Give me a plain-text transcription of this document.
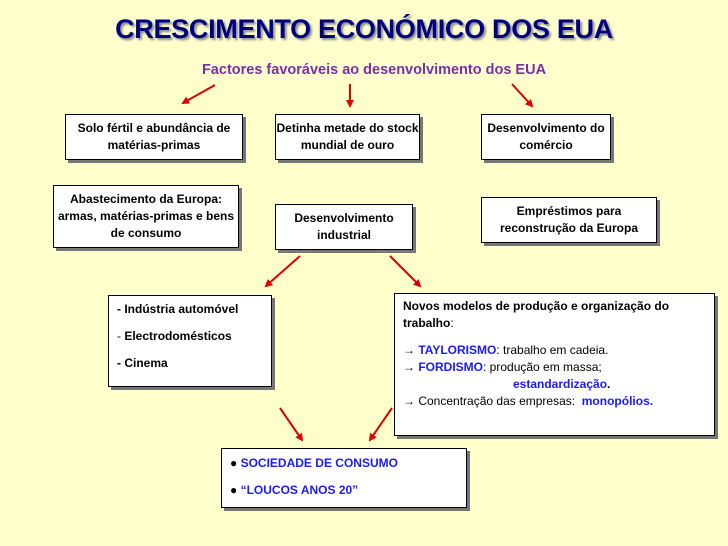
CRESCIMENTO ECONÓMICO DOS EUA
Factores favoráveis ao desenvolvimento dos EUA
Solo fértil e abundância de matérias-primas
Detinha metade do stock mundial de ouro
Desenvolvimento do comércio
Abastecimento da Europa: armas, matérias-primas e bens de consumo
Desenvolvimento industrial
Empréstimos para reconstrução da Europa
- Indústria automóvel
- Electrodomésticos
- Cinema
Novos modelos de produção e organização do trabalho:
→ TAYLORISMO: trabalho em cadeia.
→ FORDISMO: produção em massa;
estandardização.
→ Concentração das empresas: monopólios.
● SOCIEDADE DE CONSUMO
● “LOUCOS ANOS 20”
